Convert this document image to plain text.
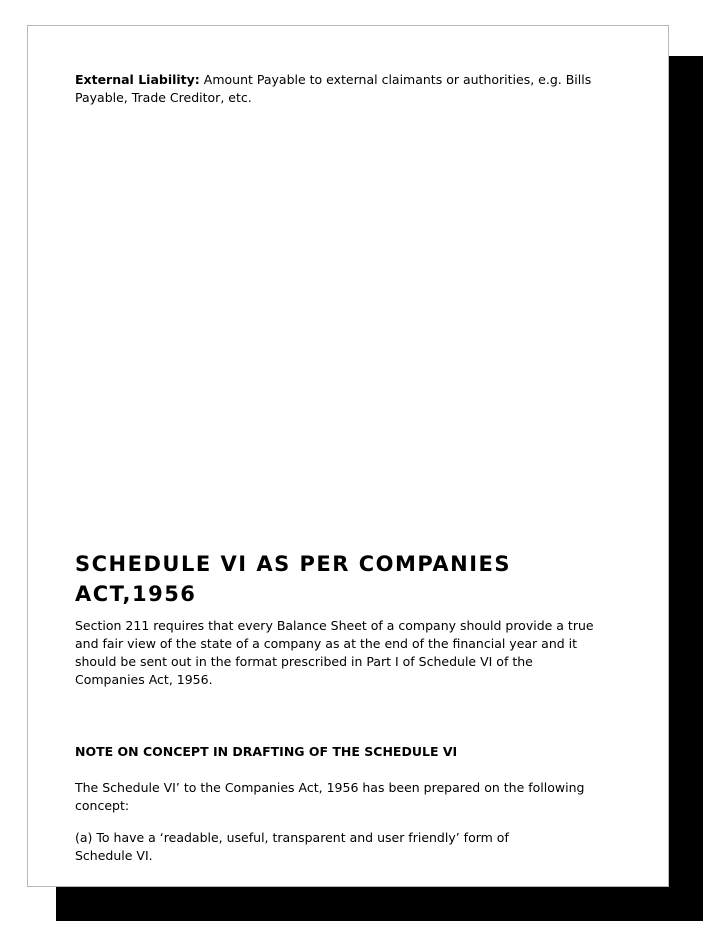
External Liability: Amount Payable to external claimants or authorities, e.g. Bills
Payable, Trade Creditor, etc.
SCHEDULE VI AS PER COMPANIES
ACT,1956
Section 211 requires that every Balance Sheet of a company should provide a true
and fair view of the state of a company as at the end of the financial year and it
should be sent out in the format prescribed in Part I of Schedule VI of the
Companies Act, 1956.
NOTE ON CONCEPT IN DRAFTING OF THE SCHEDULE VI
The Schedule VI’ to the Companies Act, 1956 has been prepared on the following
concept:
(a) To have a ‘readable, useful, transparent and user friendly’ form of
Schedule VI.
